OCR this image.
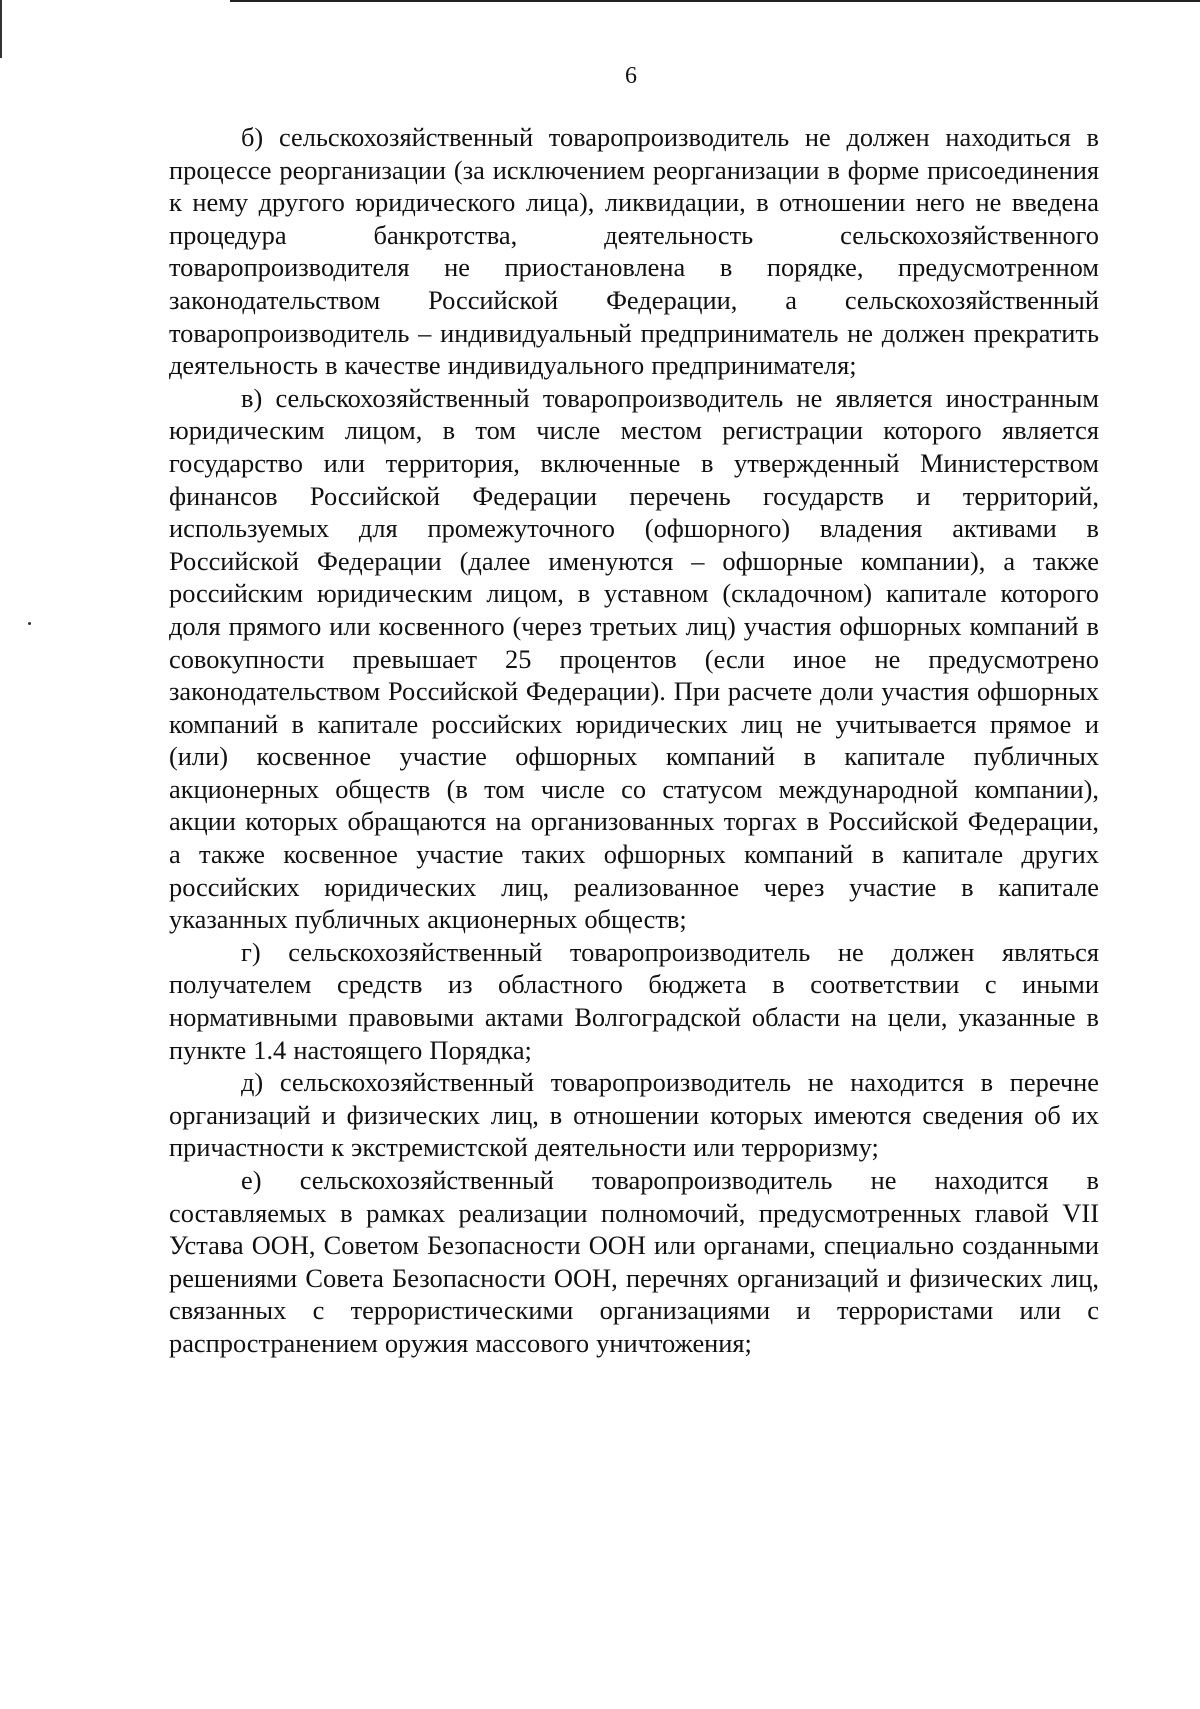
6

б) сельскохозяйственный товаропроизводитель не должен находиться в процессе реорганизации (за исключением реорганизации в форме присоединения к нему другого юридического лица), ликвидации, в отношении него не введена процедура банкротства, деятельность сельскохозяйственного товаропроизводителя не приостановлена в порядке, предусмотренном законодательством Российской Федерации, а сельскохозяйственный товаропроизводитель – индивидуальный предприниматель не должен прекратить деятельность в качестве индивидуального предпринимателя;

в) сельскохозяйственный товаропроизводитель не является иностранным юридическим лицом, в том числе местом регистрации которого является государство или территория, включенные в утвержденный Министерством финансов Российской Федерации перечень государств и территорий, используемых для промежуточного (офшорного) владения активами в Российской Федерации (далее именуются – офшорные компании), а также российским юридическим лицом, в уставном (складочном) капитале которого доля прямого или косвенного (через третьих лиц) участия офшорных компаний в совокупности превышает 25 процентов (если иное не предусмотрено законодательством Российской Федерации). При расчете доли участия офшорных компаний в капитале российских юридических лиц не учитывается прямое и (или) косвенное участие офшорных компаний в капитале публичных акционерных обществ (в том числе со статусом международной компании), акции которых обращаются на организованных торгах в Российской Федерации, а также косвенное участие таких офшорных компаний в капитале других российских юридических лиц, реализованное через участие в капитале указанных публичных акционерных обществ;

г) сельскохозяйственный товаропроизводитель не должен являться получателем средств из областного бюджета в соответствии с иными нормативными правовыми актами Волгоградской области на цели, указанные в пункте 1.4 настоящего Порядка;

д) сельскохозяйственный товаропроизводитель не находится в перечне организаций и физических лиц, в отношении которых имеются сведения об их причастности к экстремистской деятельности или терроризму;

е) сельскохозяйственный товаропроизводитель не находится в составляемых в рамках реализации полномочий, предусмотренных главой VII Устава ООН, Советом Безопасности ООН или органами, специально созданными решениями Совета Безопасности ООН, перечнях организаций и физических лиц, связанных с террористическими организациями и террористами или с распространением оружия массового уничтожения;
